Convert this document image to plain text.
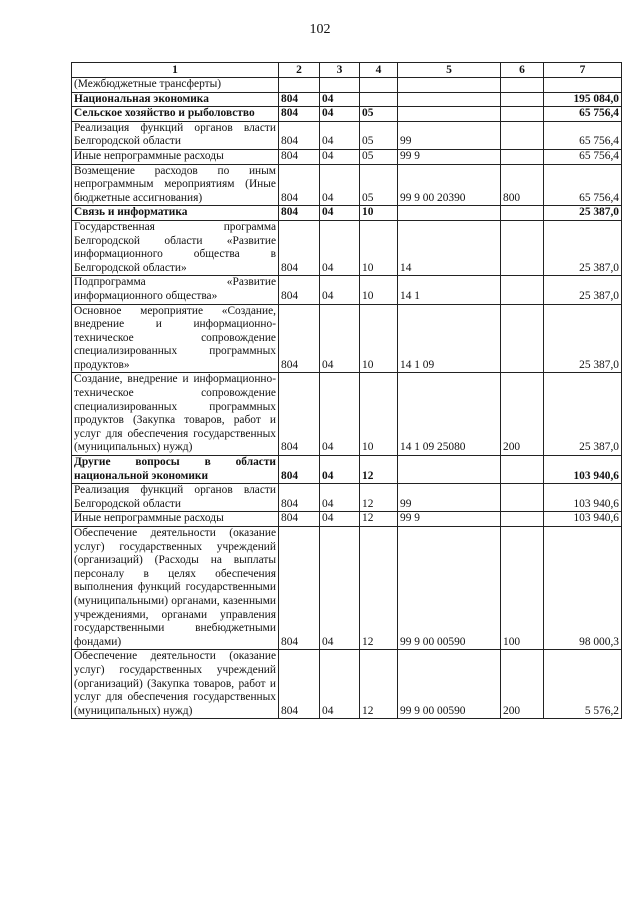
102
1	2	3	4	5	6	7
(Межбюджетные трансферты)						
Национальная экономика	804	04				195 084,0
Сельское хозяйство и рыболовство	804	04	05			65 756,4
Реализация функций органов власти Белгородской области	804	04	05	99		65 756,4
Иные непрограммные расходы	804	04	05	99 9		65 756,4
Возмещение расходов по иным непрограммным мероприятиям (Иные бюджетные ассигнования)	804	04	05	99 9 00 20390	800	65 756,4
Связь и информатика	804	04	10			25 387,0
Государственная программа Белгородской области «Развитие информационного общества в Белгородской области»	804	04	10	14		25 387,0
Подпрограмма «Развитие информационного общества»	804	04	10	14 1		25 387,0
Основное мероприятие «Создание, внедрение и информационно-техническое сопровождение специализированных программных продуктов»	804	04	10	14 1 09		25 387,0
Создание, внедрение и информационно-техническое сопровождение специализированных программных продуктов (Закупка товаров, работ и услуг для обеспечения государственных (муниципальных) нужд)	804	04	10	14 1 09 25080	200	25 387,0
Другие вопросы в области национальной экономики	804	04	12			103 940,6
Реализация функций органов власти Белгородской области	804	04	12	99		103 940,6
Иные непрограммные расходы	804	04	12	99 9		103 940,6
Обеспечение деятельности (оказание услуг) государственных учреждений (организаций) (Расходы на выплаты персоналу в целях обеспечения выполнения функций государственными (муниципальными) органами, казенными учреждениями, органами управления государственными внебюджетными фондами)	804	04	12	99 9 00 00590	100	98 000,3
Обеспечение деятельности (оказание услуг) государственных учреждений (организаций) (Закупка товаров, работ и услуг для обеспечения государственных (муниципальных) нужд)	804	04	12	99 9 00 00590	200	5 576,2
